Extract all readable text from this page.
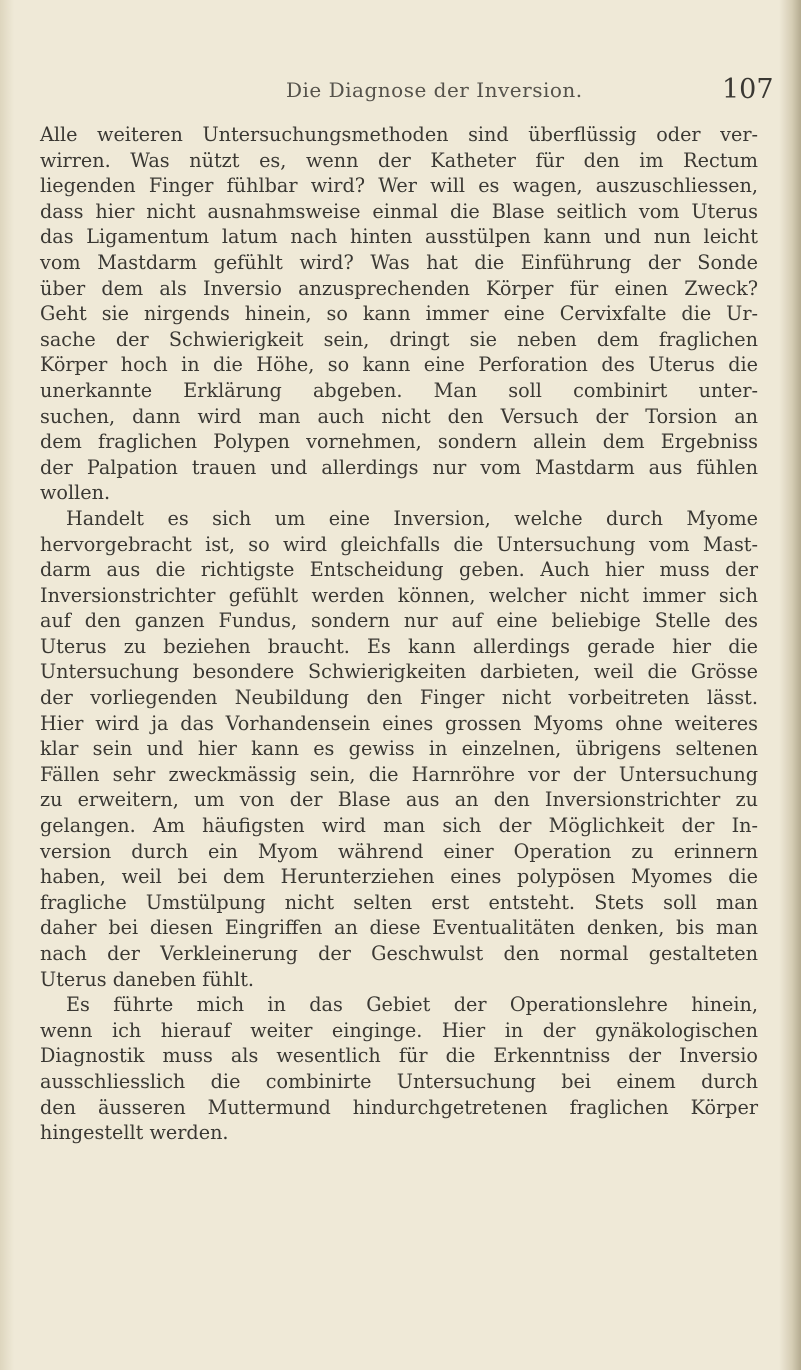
Die Diagnose der Inversion.	107
Alle weiteren Untersuchungsmethoden sind überflüssig oder ver-
wirren. Was nützt es, wenn der Katheter für den im Rectum
liegenden Finger fühlbar wird? Wer will es wagen, auszuschliessen,
dass hier nicht ausnahmsweise einmal die Blase seitlich vom Uterus
das Ligamentum latum nach hinten ausstülpen kann und nun leicht
vom Mastdarm gefühlt wird? Was hat die Einführung der Sonde
über dem als Inversio anzusprechenden Körper für einen Zweck?
Geht sie nirgends hinein, so kann immer eine Cervixfalte die Ur-
sache der Schwierigkeit sein, dringt sie neben dem fraglichen
Körper hoch in die Höhe, so kann eine Perforation des Uterus die
unerkannte Erklärung abgeben. Man soll combinirt unter-
suchen, dann wird man auch nicht den Versuch der Torsion an
dem fraglichen Polypen vornehmen, sondern allein dem Ergebniss
der Palpation trauen und allerdings nur vom Mastdarm aus fühlen
wollen.
Handelt es sich um eine Inversion, welche durch Myome
hervorgebracht ist, so wird gleichfalls die Untersuchung vom Mast-
darm aus die richtigste Entscheidung geben. Auch hier muss der
Inversionstrichter gefühlt werden können, welcher nicht immer sich
auf den ganzen Fundus, sondern nur auf eine beliebige Stelle des
Uterus zu beziehen braucht. Es kann allerdings gerade hier die
Untersuchung besondere Schwierigkeiten darbieten, weil die Grösse
der vorliegenden Neubildung den Finger nicht vorbeitreten lässt.
Hier wird ja das Vorhandensein eines grossen Myoms ohne weiteres
klar sein und hier kann es gewiss in einzelnen, übrigens seltenen
Fällen sehr zweckmässig sein, die Harnröhre vor der Untersuchung
zu erweitern, um von der Blase aus an den Inversionstrichter zu
gelangen. Am häufigsten wird man sich der Möglichkeit der In-
version durch ein Myom während einer Operation zu erinnern
haben, weil bei dem Herunterziehen eines polypösen Myomes die
fragliche Umstülpung nicht selten erst entsteht. Stets soll man
daher bei diesen Eingriffen an diese Eventualitäten denken, bis man
nach der Verkleinerung der Geschwulst den normal gestalteten
Uterus daneben fühlt.
Es führte mich in das Gebiet der Operationslehre hinein,
wenn ich hierauf weiter einginge. Hier in der gynäkologischen
Diagnostik muss als wesentlich für die Erkenntniss der Inversio
ausschliesslich die combinirte Untersuchung bei einem durch
den äusseren Muttermund hindurchgetretenen fraglichen Körper
hingestellt werden.
